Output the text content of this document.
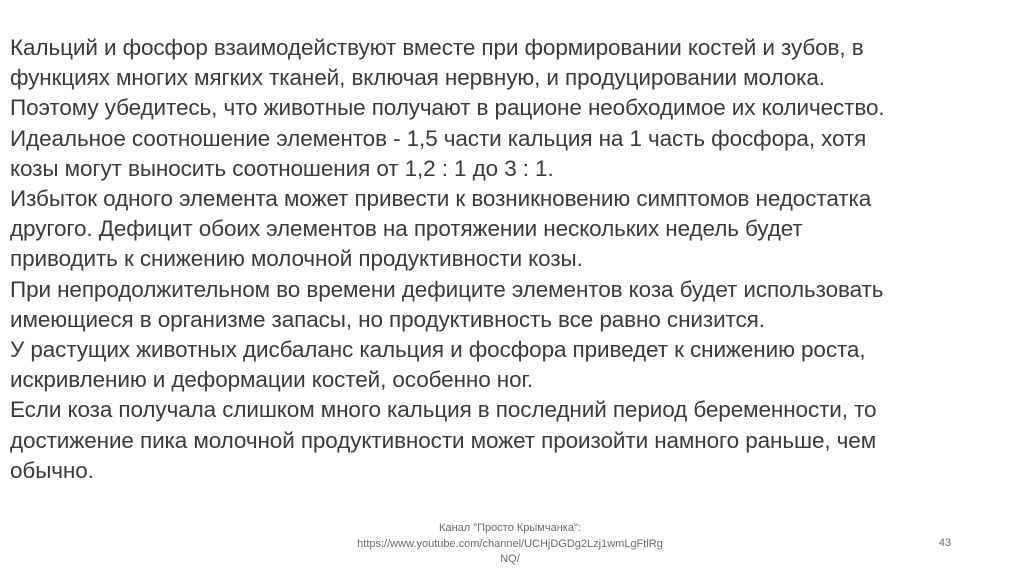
Кальций и фосфор взаимодействуют вместе при формировании костей и зубов, в
функциях многих мягких тканей, включая нервную, и продуцировании молока.
Поэтому убедитесь, что животные получают в рационе необходимое их количество.
Идеальное соотношение элементов - 1,5 части кальция на 1 часть фосфора, хотя
козы могут выносить соотношения от 1,2 : 1 до 3 : 1.
Избыток одного элемента может привести к возникновению симптомов недостатка
другого. Дефицит обоих элементов на протяжении нескольких недель будет
приводить к снижению молочной продуктивности козы.
При непродолжительном во времени дефиците элементов коза будет использовать
имеющиеся в организме запасы, но продуктивность все равно снизится.
У растущих животных дисбаланс кальция и фосфора приведет к снижению роста,
искривлению и деформации костей, особенно ног.
Если коза получала слишком много кальция в последний период беременности, то
достижение пика молочной продуктивности может произойти намного раньше, чем
обычно.
Канал "Просто Крымчанка":
https://www.youtube.com/channel/UCHjDGDg2Lzj1wmLgFtlRg
NQ/
43
